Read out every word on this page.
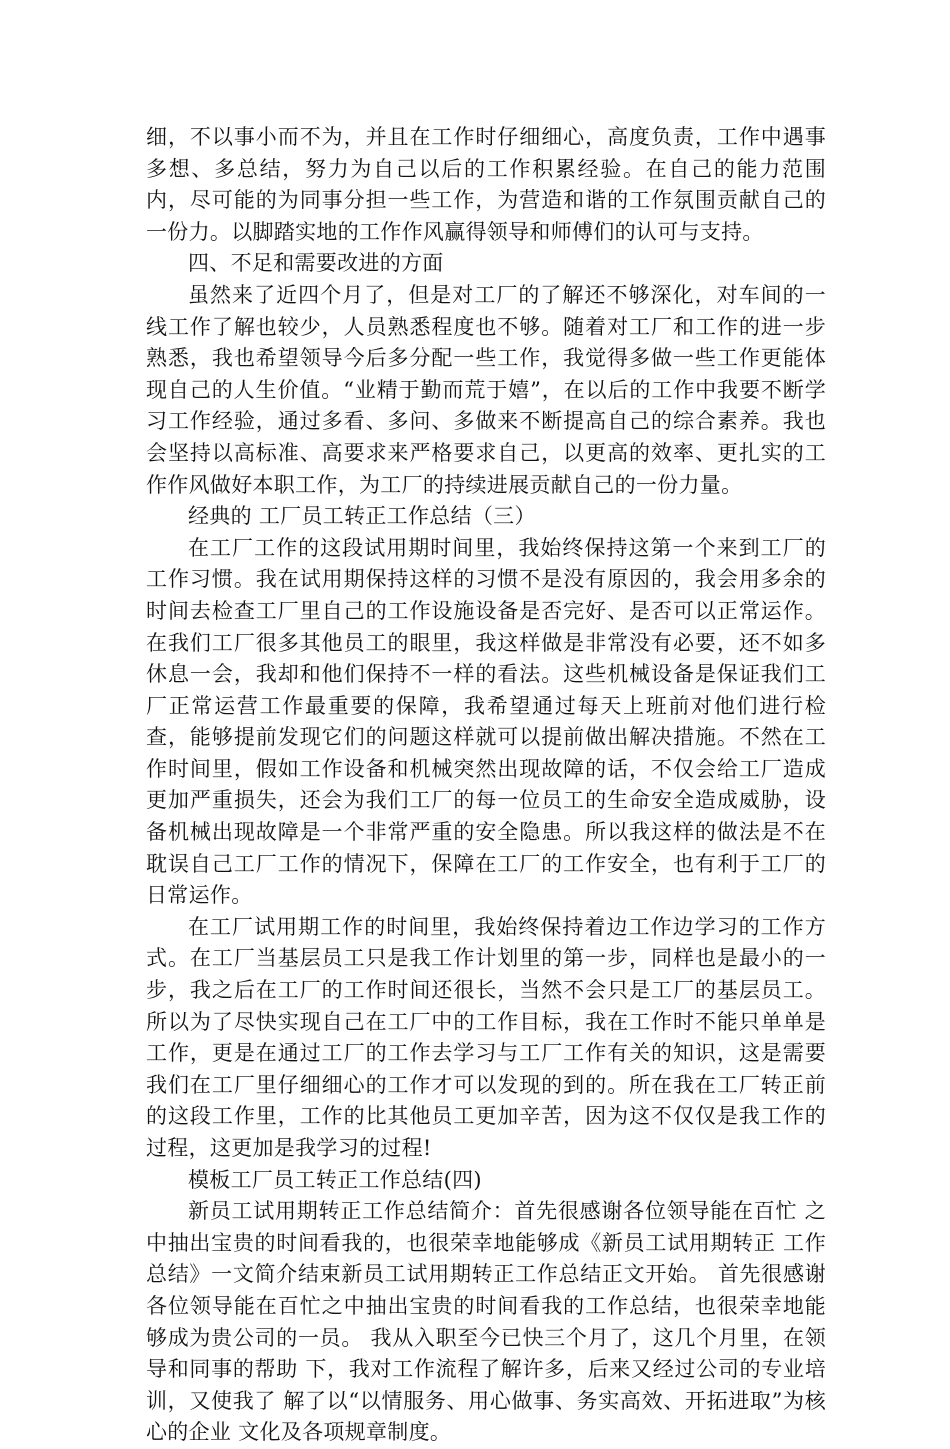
细，不以事小而不为，并且在工作时仔细细心，高度负责，工作中遇事多想、多总结，努力为自己以后的工作积累经验。在自己的能力范围内，尽可能的为同事分担一些工作，为营造和谐的工作氛围贡献自己的一份力。以脚踏实地的工作作风赢得领导和师傅们的认可与支持。

四、不足和需要改进的方面

虽然来了近四个月了，但是对工厂的了解还不够深化，对车间的一线工作了解也较少，人员熟悉程度也不够。随着对工厂和工作的进一步熟悉，我也希望领导今后多分配一些工作，我觉得多做一些工作更能体现自己的人生价值。“业精于勤而荒于嬉”，在以后的工作中我要不断学习工作经验，通过多看、多问、多做来不断提高自己的综合素养。我也会坚持以高标准、高要求来严格要求自己，以更高的效率、更扎实的工作作风做好本职工作，为工厂的持续进展贡献自己的一份力量。

经典的 工厂员工转正工作总结（三）

在工厂工作的这段试用期时间里，我始终保持这第一个来到工厂的工作习惯。我在试用期保持这样的习惯不是没有原因的，我会用多余的时间去检查工厂里自己的工作设施设备是否完好、是否可以正常运作。在我们工厂很多其他员工的眼里，我这样做是非常没有必要，还不如多休息一会，我却和他们保持不一样的看法。这些机械设备是保证我们工厂正常运营工作最重要的保障，我希望通过每天上班前对他们进行检查，能够提前发现它们的问题这样就可以提前做出解决措施。不然在工作时间里，假如工作设备和机械突然出现故障的话，不仅会给工厂造成更加严重损失，还会为我们工厂的每一位员工的生命安全造成威胁，设备机械出现故障是一个非常严重的安全隐患。所以我这样的做法是不在耽误自己工厂工作的情况下，保障在工厂的工作安全，也有利于工厂的日常运作。

在工厂试用期工作的时间里，我始终保持着边工作边学习的工作方式。在工厂当基层员工只是我工作计划里的第一步，同样也是最小的一步，我之后在工厂的工作时间还很长，当然不会只是工厂的基层员工。所以为了尽快实现自己在工厂中的工作目标，我在工作时不能只单单是工作，更是在通过工厂的工作去学习与工厂工作有关的知识，这是需要我们在工厂里仔细细心的工作才可以发现的到的。所在我在工厂转正前的这段工作里，工作的比其他员工更加辛苦，因为这不仅仅是我工作的过程，这更加是我学习的过程!

模板工厂员工转正工作总结(四)

新员工试用期转正工作总结简介：首先很感谢各位领导能在百忙 之中抽出宝贵的时间看我的，也很荣幸地能够成《新员工试用期转正 工作总结》一文简介结束新员工试用期转正工作总结正文开始。 首先很感谢各位领导能在百忙之中抽出宝贵的时间看我的工作总结，也很荣幸地能够成为贵公司的一员。 我从入职至今已快三个月了，这几个月里，在领导和同事的帮助 下，我对工作流程了解许多，后来又经过公司的专业培训，又使我了 解了以“以情服务、用心做事、务实高效、开拓进取”为核心的企业 文化及各项规章制度。
